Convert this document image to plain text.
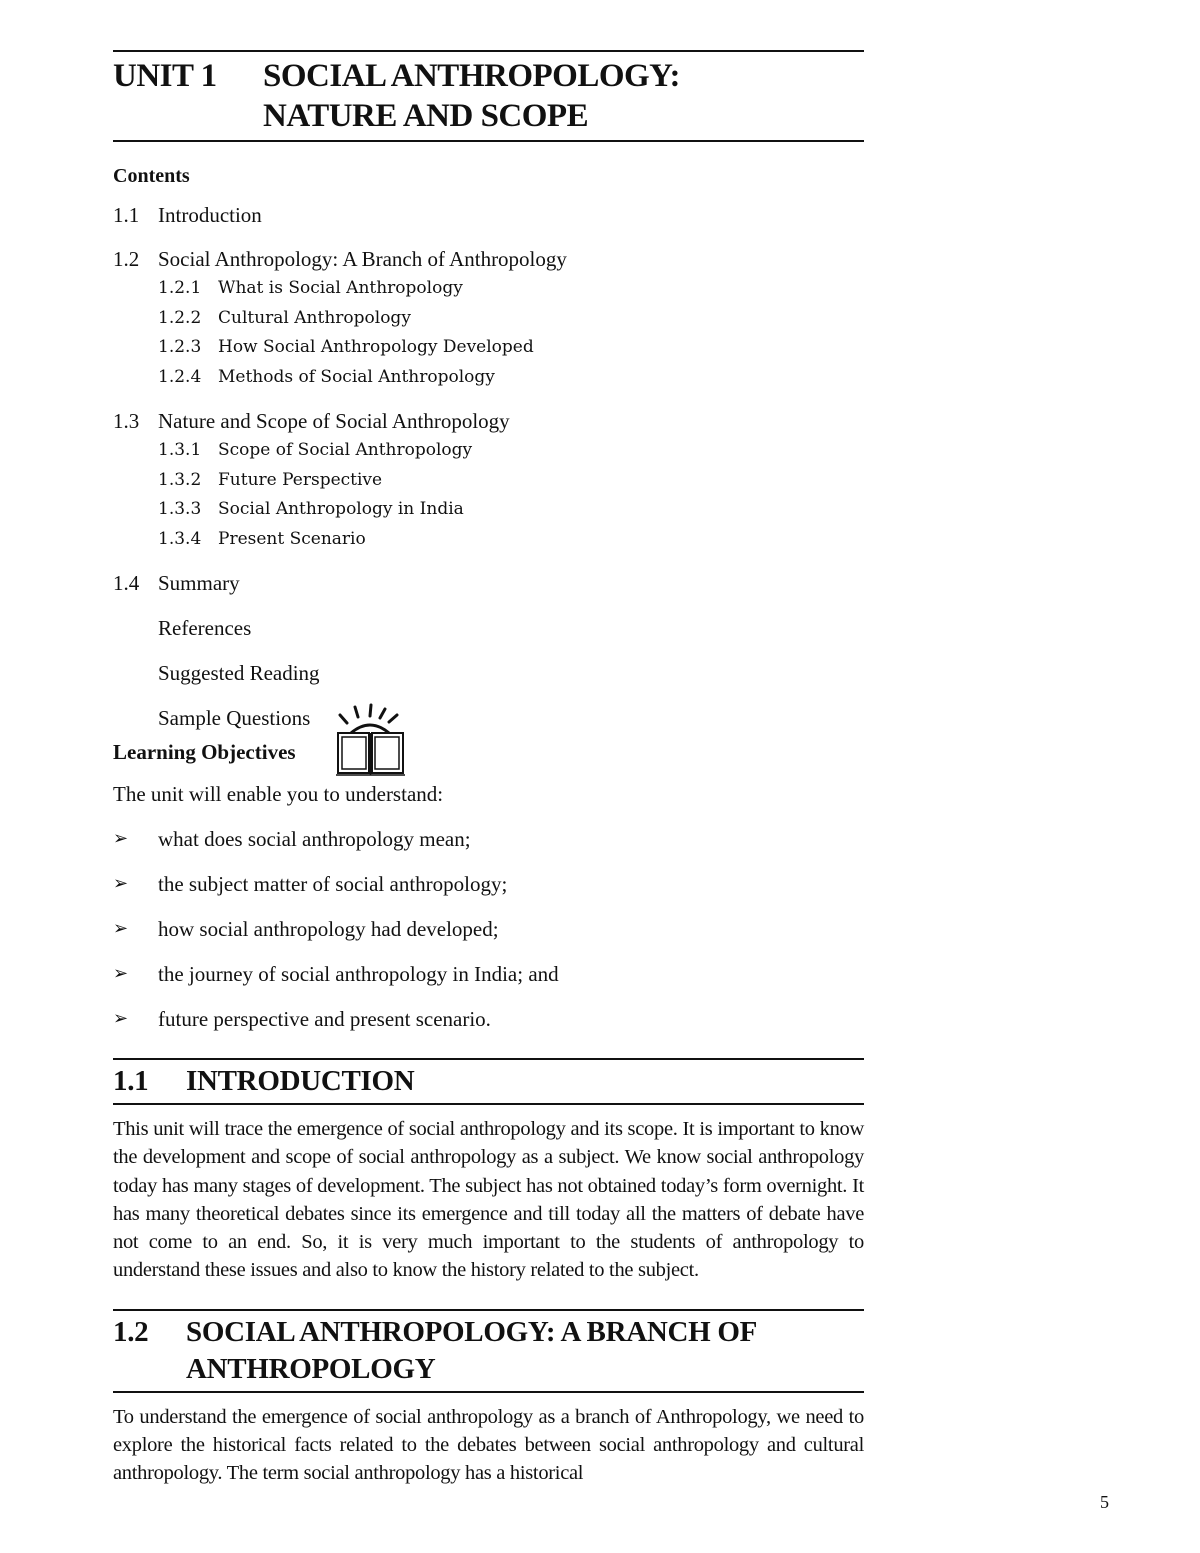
UNIT 1	SOCIAL ANTHROPOLOGY:
NATURE AND SCOPE
Contents
1.1 Introduction
1.2 Social Anthropology: A Branch of Anthropology
1.2.1 What is Social Anthropology
1.2.2 Cultural Anthropology
1.2.3 How Social Anthropology Developed
1.2.4 Methods of Social Anthropology
1.3 Nature and Scope of Social Anthropology
1.3.1 Scope of Social Anthropology
1.3.2 Future Perspective
1.3.3 Social Anthropology in India
1.3.4 Present Scenario
1.4 Summary
References
Suggested Reading
Sample Questions
Learning Objectives
The unit will enable you to understand:
➢	what does social anthropology mean;
➢	the subject matter of social anthropology;
➢	how social anthropology had developed;
➢	the journey of social anthropology in India; and
➢	future perspective and present scenario.
1.1	INTRODUCTION
This unit will trace the emergence of social anthropology and its scope. It is important to know the development and scope of social anthropology as a subject. We know social anthropology today has many stages of development. The subject has not obtained today’s form overnight. It has many theoretical debates since its emergence and till today all the matters of debate have not come to an end. So, it is very much important to the students of anthropology to understand these issues and also to know the history related to the subject.
1.2	SOCIAL ANTHROPOLOGY: A BRANCH OF
ANTHROPOLOGY
To understand the emergence of social anthropology as a branch of Anthropology, we need to explore the historical facts related to the debates between social anthropology and cultural anthropology. The term social anthropology has a historical
5
